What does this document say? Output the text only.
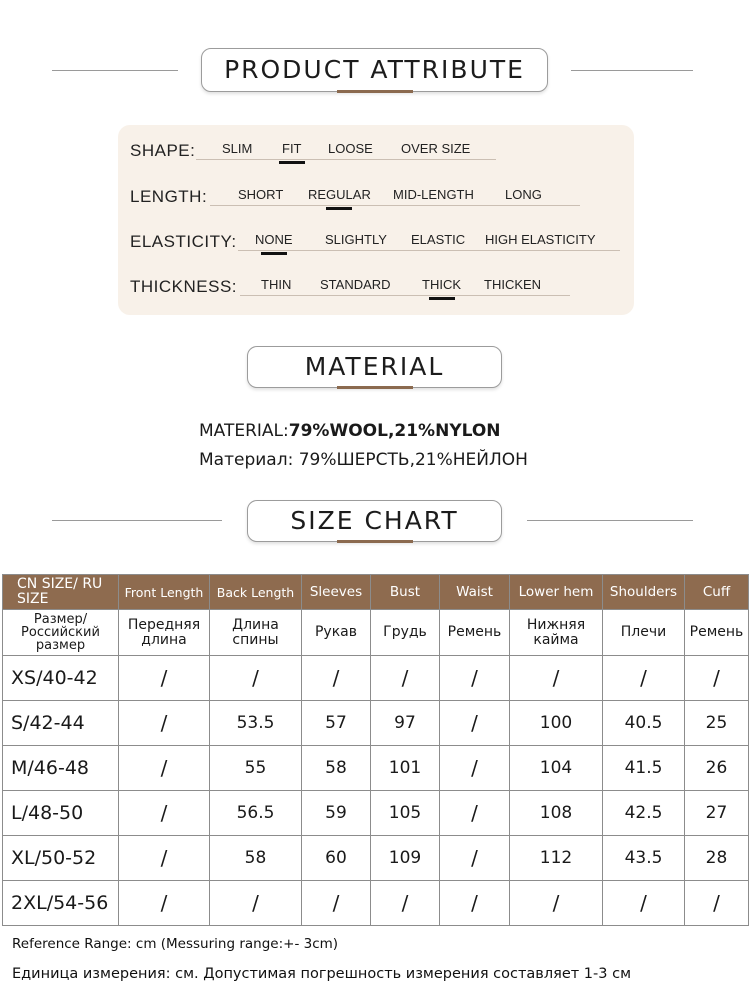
PRODUCT ATTRIBUTE
SHAPE: SLIM FIT LOOSE OVER SIZE
LENGTH: SHORT REGULAR MID-LENGTH LONG
ELASTICITY: NONE SLIGHTLY ELASTIC HIGH ELASTICITY
THICKNESS: THIN STANDARD THICK THICKEN
MATERIAL
MATERIAL:79%WOOL,21%NYLON
Материал: 79%ШЕРСТЬ,21%НЕЙЛОН
SIZE CHART
CN SIZE/ RU SIZE	Front Length	Back Length	Sleeves	Bust	Waist	Lower hem	Shoulders	Cuff
Размер/ Российский размер	Передняя длина	Длина спины	Рукав	Грудь	Ремень	Нижняя кайма	Плечи	Ремень
XS/40-42	/	/	/	/	/	/	/	/
S/42-44	/	53.5	57	97	/	100	40.5	25
M/46-48	/	55	58	101	/	104	41.5	26
L/48-50	/	56.5	59	105	/	108	42.5	27
XL/50-52	/	58	60	109	/	112	43.5	28
2XL/54-56	/	/	/	/	/	/	/	/
Reference Range: cm (Messuring range:+- 3cm)
Единица измерения: см. Допустимая погрешность измерения составляет 1-3 см
